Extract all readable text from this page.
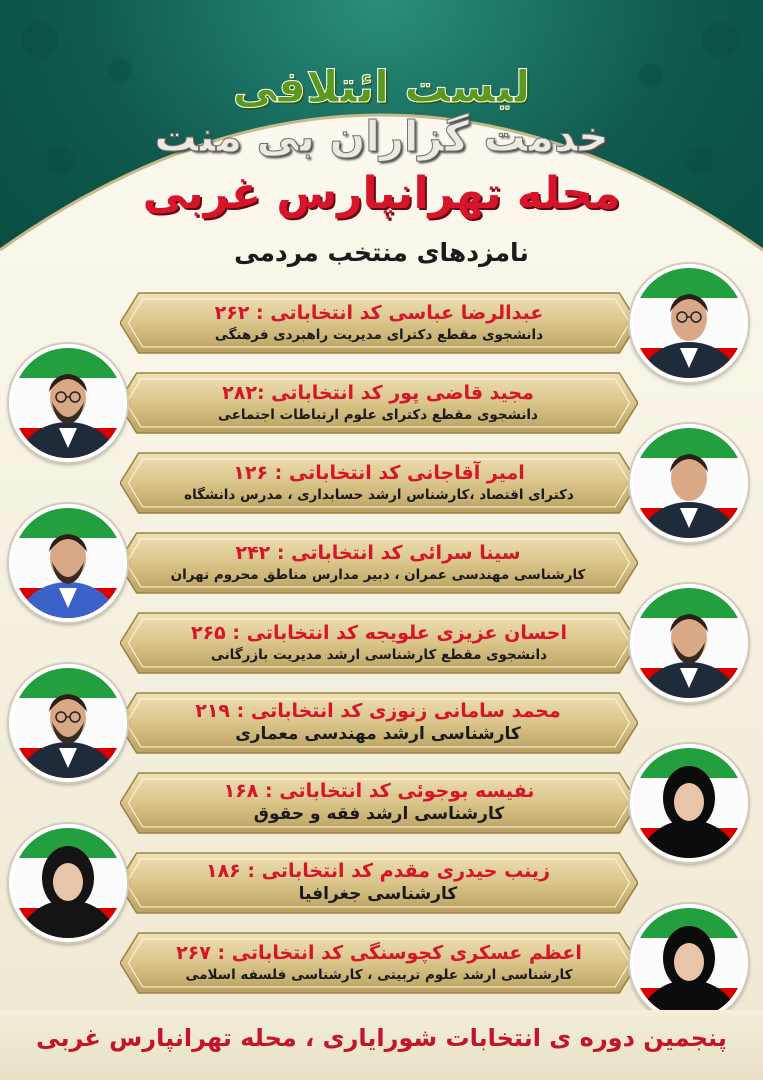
لیست ائتلافی
خدمت گزاران بی منت
محله تهرانپارس غربی
نامزدهای منتخب مردمی
عبدالرضا عباسی کد انتخاباتی : ۲۶۲
دانشجوی مقطع دکترای مدیریت راهبردی فرهنگی
مجید قاضی پور کد انتخاباتی :۲۸۲
دانشجوی مقطع دکترای علوم ارتباطات اجتماعی
امیر آقاجانی کد انتخاباتی : ۱۲۶
دکترای اقتصاد ،کارشناس ارشد حسابداری ، مدرس دانشگاه
سینا سرائی کد انتخاباتی : ۲۴۲
کارشناسی مهندسی عمران ، دبیر مدارس مناطق محروم تهران
احسان عزیزی علویجه کد انتخاباتی : ۲۶۵
دانشجوی مقطع کارشناسی ارشد مدیریت بازرگانی
محمد سامانی زنوزی کد انتخاباتی : ۲۱۹
کارشناسی ارشد مهندسی معماری
نفیسه بوجوئی کد انتخاباتی : ۱۶۸
کارشناسی ارشد فقه و حقوق
زینب حیدری مقدم کد انتخاباتی : ۱۸۶
کارشناسی جغرافیا
اعظم عسکری کچوسنگی کد انتخاباتی : ۲۶۷
کارشناسی ارشد علوم تربیتی ، کارشناسی فلسفه اسلامی

پنجمین دوره ی انتخابات شورایاری ، محله تهرانپارس غربی
